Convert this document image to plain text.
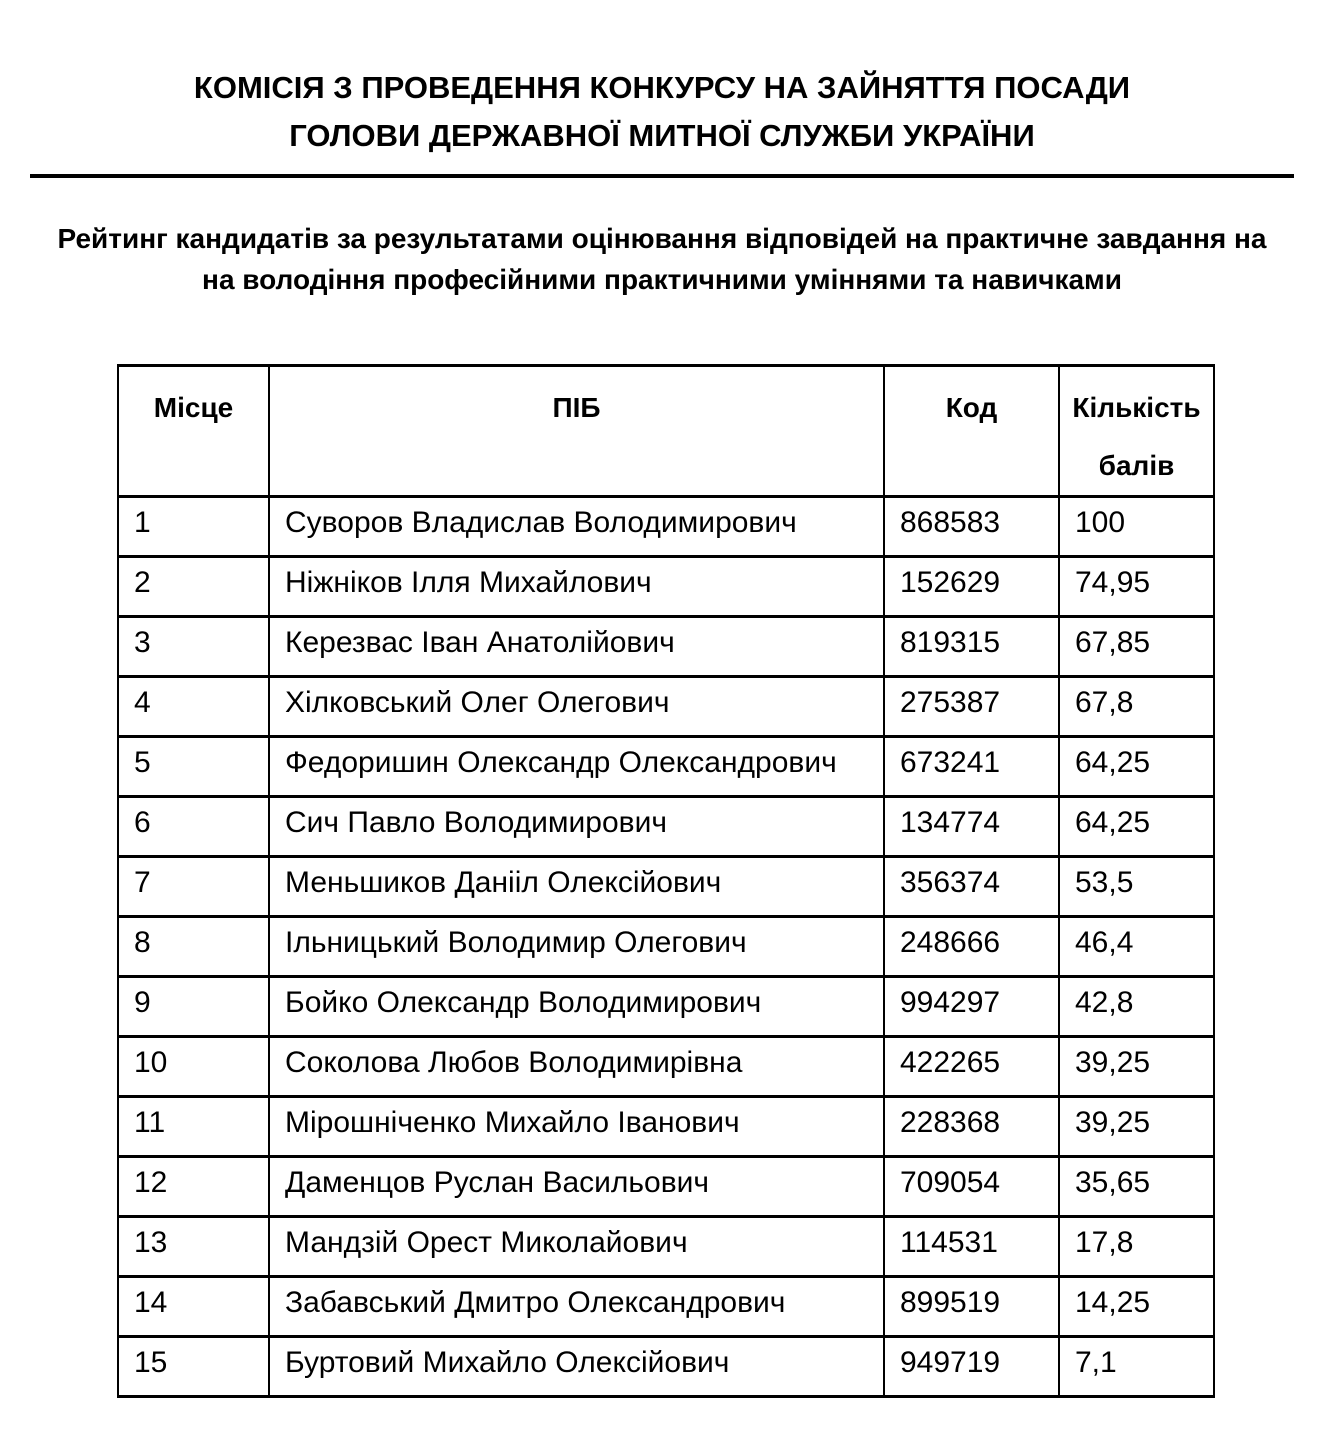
КОМІСІЯ З ПРОВЕДЕННЯ КОНКУРСУ НА ЗАЙНЯТТЯ ПОСАДИ
ГОЛОВИ ДЕРЖАВНОЇ МИТНОЇ СЛУЖБИ УКРАЇНИ
Рейтинг кандидатів за результатами оцінювання відповідей на практичне завдання на
на володіння професійними практичними уміннями та навичками
Місце	ПІБ	Код	Кількість балів
1	Суворов Владислав Володимирович	868583	100
2	Ніжніков Ілля Михайлович	152629	74,95
3	Керезвас Іван Анатолійович	819315	67,85
4	Хілковський Олег Олегович	275387	67,8
5	Федоришин Олександр Олександрович	673241	64,25
6	Сич Павло Володимирович	134774	64,25
7	Меньшиков Данііл Олексійович	356374	53,5
8	Ільницький Володимир Олегович	248666	46,4
9	Бойко Олександр Володимирович	994297	42,8
10	Соколова Любов Володимирівна	422265	39,25
11	Мірошніченко Михайло Іванович	228368	39,25
12	Даменцов Руслан Васильович	709054	35,65
13	Мандзій Орест Миколайович	114531	17,8
14	Забавський Дмитро Олександрович	899519	14,25
15	Буртовий Михайло Олексійович	949719	7,1
